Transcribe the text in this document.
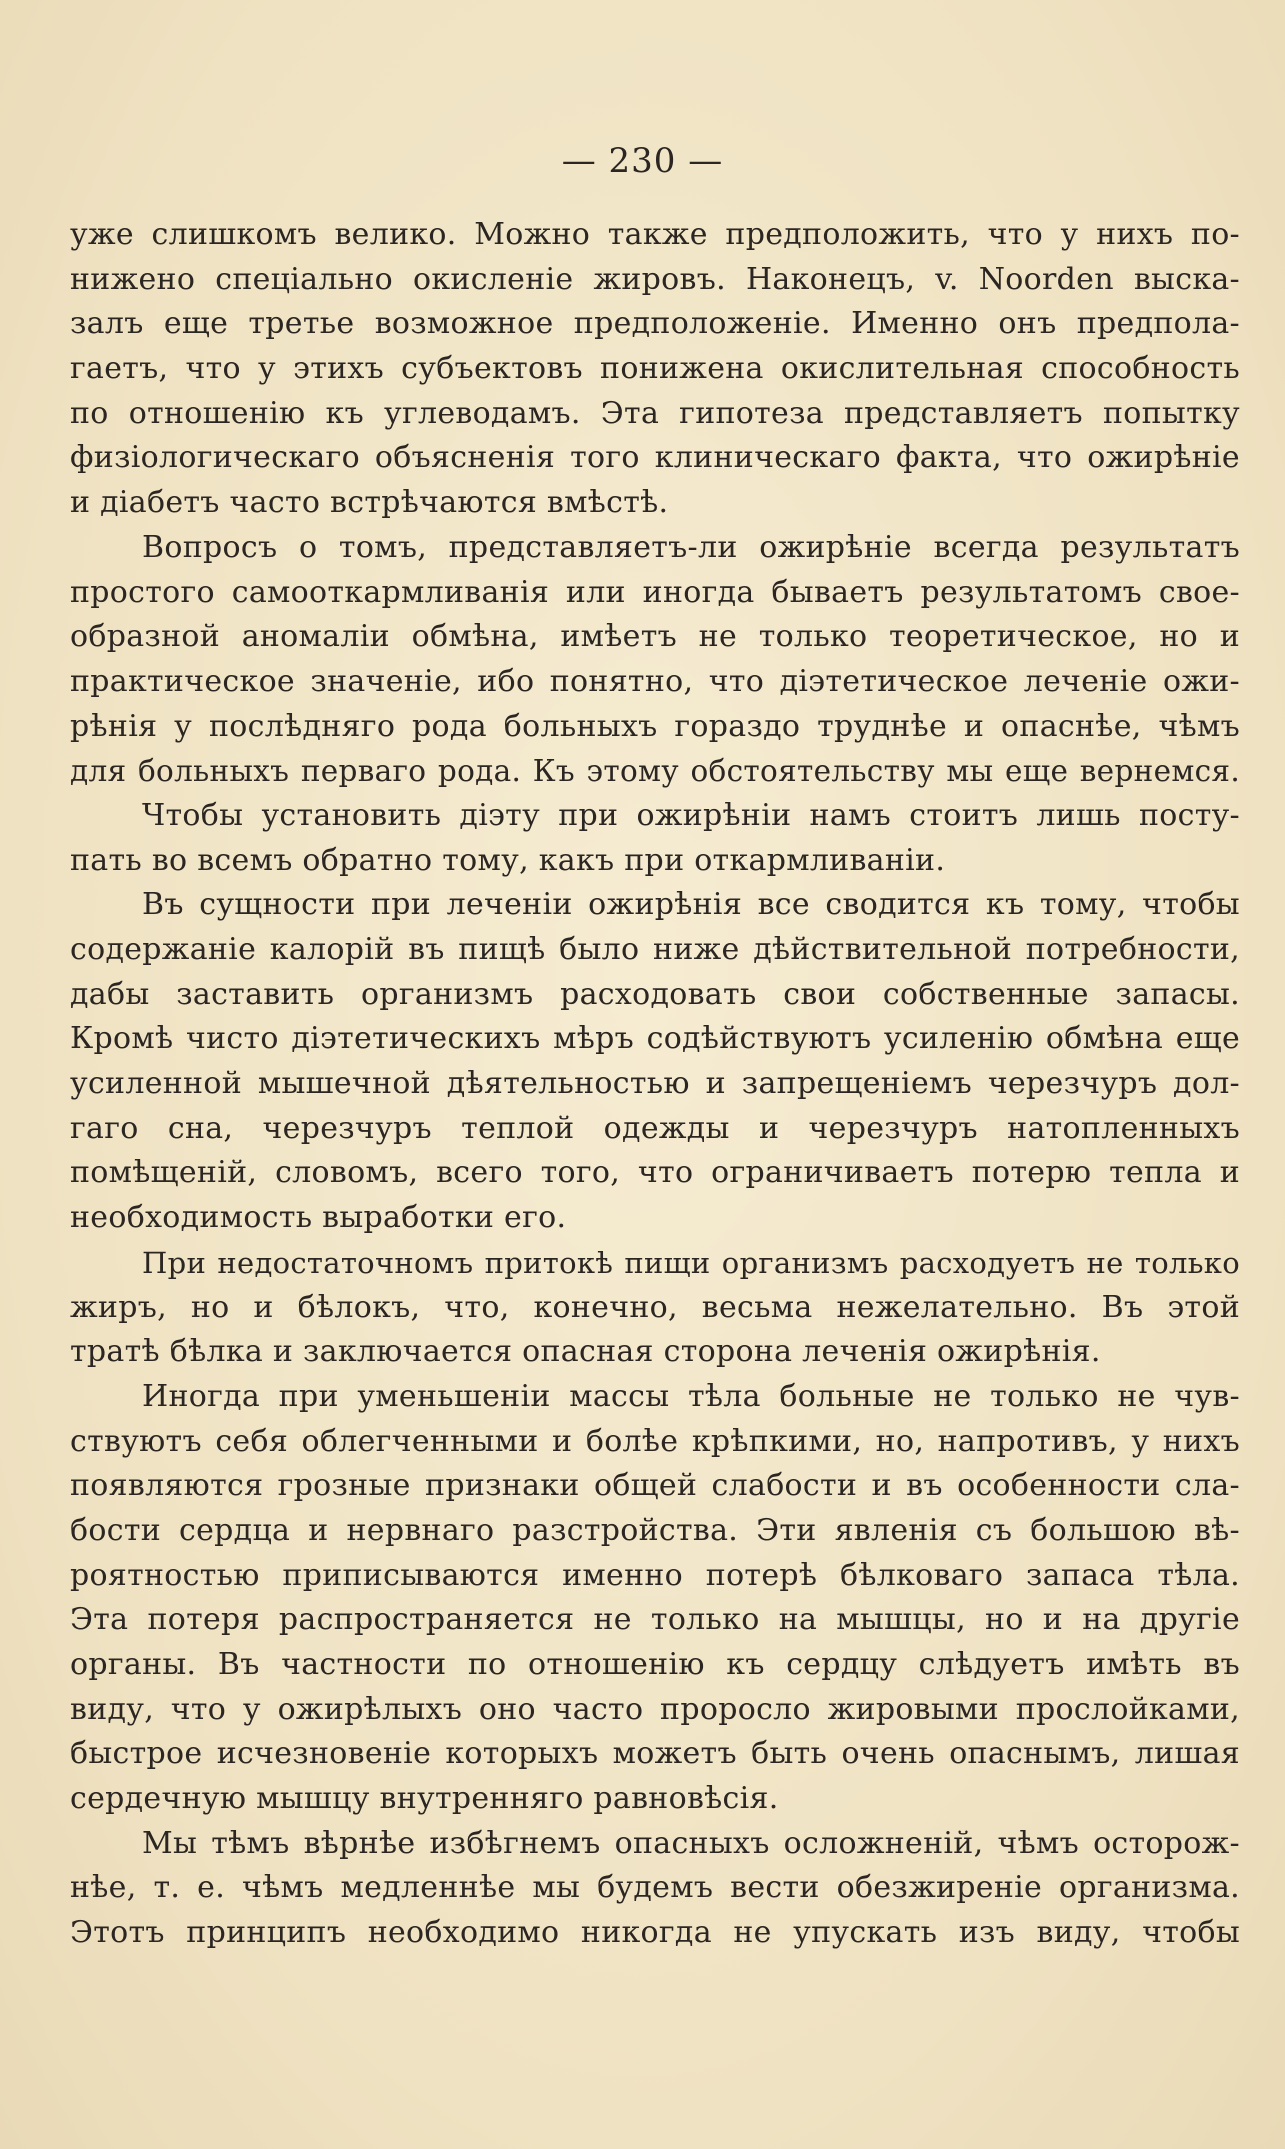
— 230 —
уже слишкомъ велико. Можно также предположить, что у нихъ по-
нижено спеціально окисленіе жировъ. Наконецъ, v. Noorden выска-
залъ еще третье возможное предположеніе. Именно онъ предпола-
гаетъ, что у этихъ субъектовъ понижена окислительная способность
по отношенію къ углеводамъ. Эта гипотеза представляетъ попытку
физіологическаго объясненія того клиническаго факта, что ожирѣніе
и діабетъ часто встрѣчаются вмѣстѣ.
Вопросъ о томъ, представляетъ-ли ожирѣніе всегда результатъ
простого самооткармливанія или иногда бываетъ результатомъ свое-
образной аномаліи обмѣна, имѣетъ не только теоретическое, но и
практическое значеніе, ибо понятно, что діэтетическое леченіе ожи-
рѣнія у послѣдняго рода больныхъ гораздо труднѣе и опаснѣе, чѣмъ
для больныхъ перваго рода. Къ этому обстоятельству мы еще вернемся.
Чтобы установить діэту при ожирѣніи намъ стоитъ лишь посту-
пать во всемъ обратно тому, какъ при откармливаніи.
Въ сущности при леченіи ожирѣнія все сводится къ тому, чтобы
содержаніе калорій въ пищѣ было ниже дѣйствительной потребности,
дабы заставить организмъ расходовать свои собственные запасы.
Кромѣ чисто діэтетическихъ мѣръ содѣйствуютъ усиленію обмѣна еще
усиленной мышечной дѣятельностью и запрещеніемъ черезчуръ дол-
гаго сна, черезчуръ теплой одежды и черезчуръ натопленныхъ
помѣщеній, словомъ, всего того, что ограничиваетъ потерю тепла и
необходимость выработки его.
При недостаточномъ притокѣ пищи организмъ расходуетъ не только
жиръ, но и бѣлокъ, что, конечно, весьма нежелательно. Въ этой
тратѣ бѣлка и заключается опасная сторона леченія ожирѣнія.
Иногда при уменьшеніи массы тѣла больные не только не чув-
ствуютъ себя облегченными и болѣе крѣпкими, но, напротивъ, у нихъ
появляются грозные признаки общей слабости и въ особенности сла-
бости сердца и нервнаго разстройства. Эти явленія съ большою вѣ-
роятностью приписываются именно потерѣ бѣлковаго запаса тѣла.
Эта потеря распространяется не только на мышцы, но и на другіе
органы. Въ частности по отношенію къ сердцу слѣдуетъ имѣть въ
виду, что у ожирѣлыхъ оно часто проросло жировыми прослойками,
быстрое исчезновеніе которыхъ можетъ быть очень опаснымъ, лишая
сердечную мышцу внутренняго равновѣсія.
Мы тѣмъ вѣрнѣе избѣгнемъ опасныхъ осложненій, чѣмъ осторож-
нѣе, т. е. чѣмъ медленнѣе мы будемъ вести обезжиреніе организма.
Этотъ принципъ необходимо никогда не упускать изъ виду, чтобы
